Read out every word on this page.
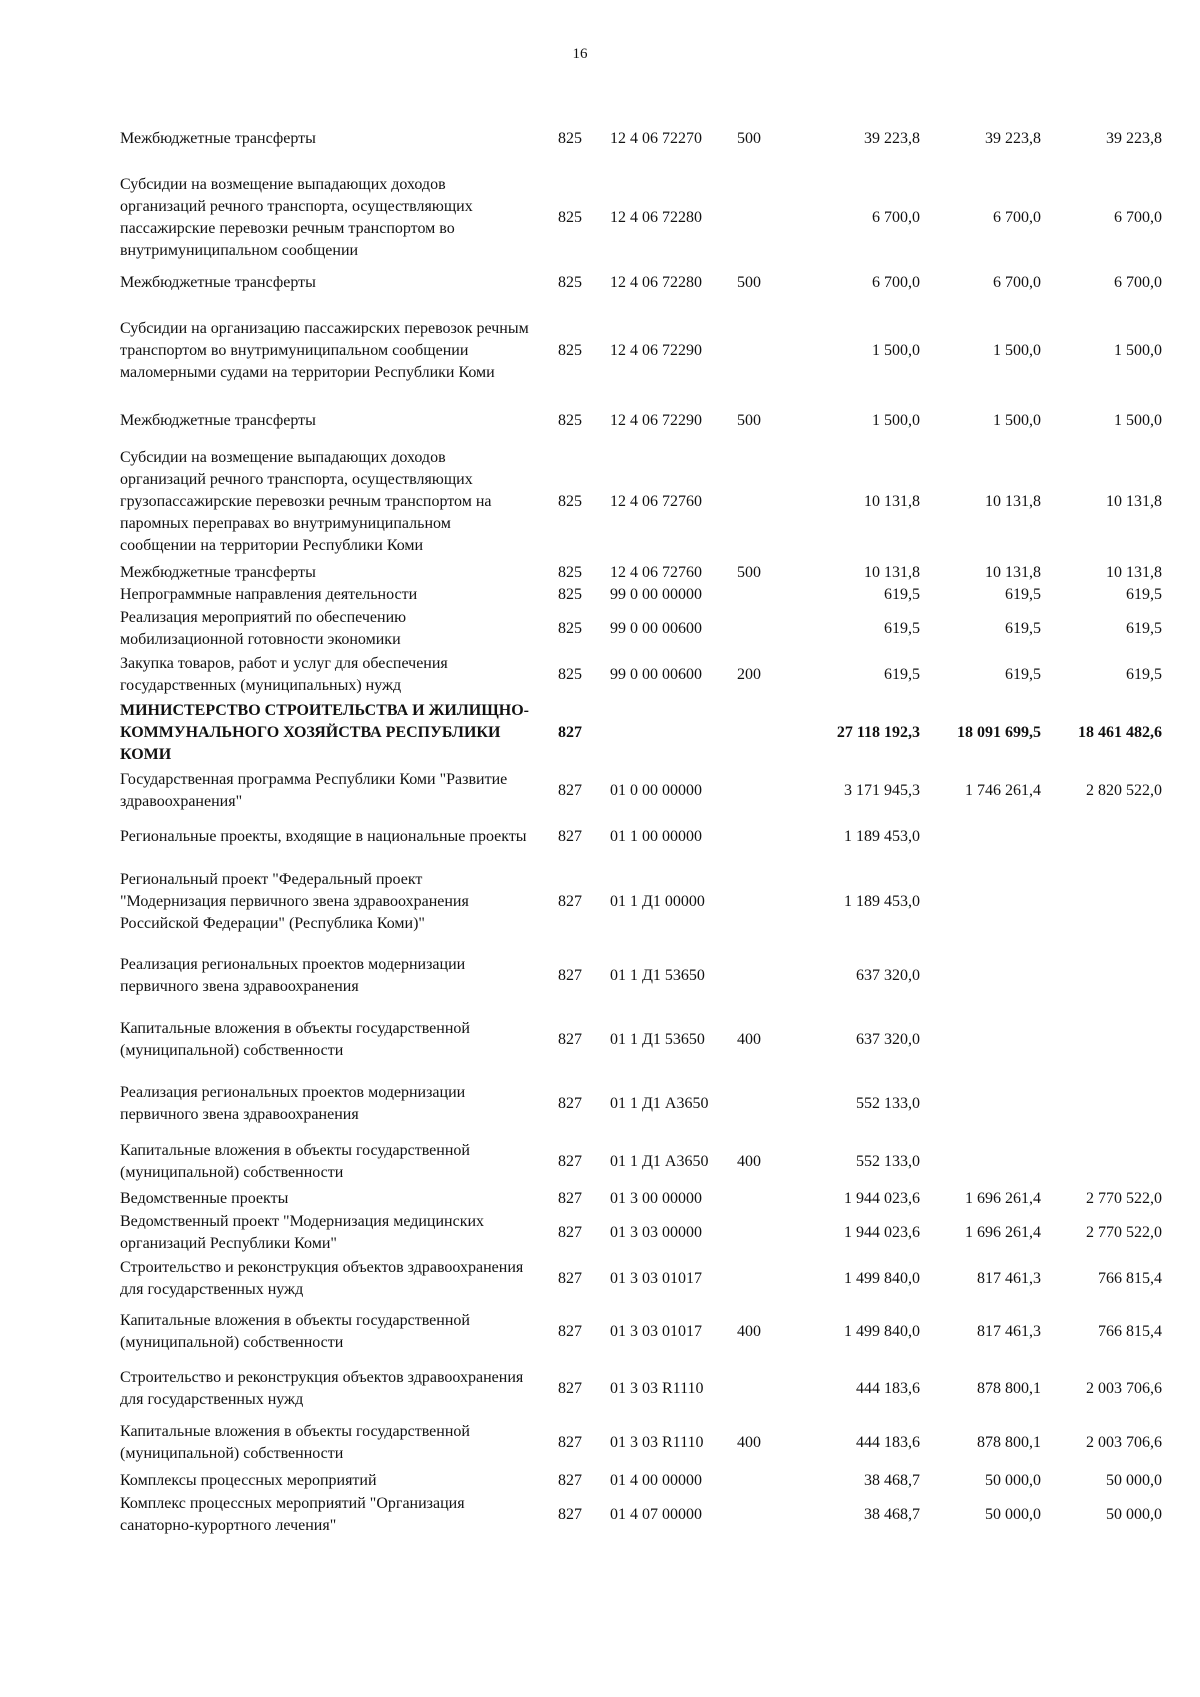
16
Межбюджетные трансферты	825	12 4 06 72270	500	39 223,8	39 223,8	39 223,8
Субсидии на возмещение выпадающих доходов организаций речного транспорта, осуществляющих пассажирские перевозки речным транспортом во внутримуниципальном сообщении	825	12 4 06 72280		6 700,0	6 700,0	6 700,0
Межбюджетные трансферты	825	12 4 06 72280	500	6 700,0	6 700,0	6 700,0
Субсидии на организацию пассажирских перевозок речным транспортом во внутримуниципальном сообщении маломерными судами на территории Республики Коми	825	12 4 06 72290		1 500,0	1 500,0	1 500,0
Межбюджетные трансферты	825	12 4 06 72290	500	1 500,0	1 500,0	1 500,0
Субсидии на возмещение выпадающих доходов организаций речного транспорта, осуществляющих грузопассажирские перевозки речным транспортом на паромных переправах во внутримуниципальном сообщении на территории Республики Коми	825	12 4 06 72760		10 131,8	10 131,8	10 131,8
Межбюджетные трансферты	825	12 4 06 72760	500	10 131,8	10 131,8	10 131,8
Непрограммные направления деятельности	825	99 0 00 00000		619,5	619,5	619,5
Реализация мероприятий по обеспечению мобилизационной готовности экономики	825	99 0 00 00600		619,5	619,5	619,5
Закупка товаров, работ и услуг для обеспечения государственных (муниципальных) нужд	825	99 0 00 00600	200	619,5	619,5	619,5
МИНИСТЕРСТВО СТРОИТЕЛЬСТВА И ЖИЛИЩНО-КОММУНАЛЬНОГО ХОЗЯЙСТВА РЕСПУБЛИКИ КОМИ	827			27 118 192,3	18 091 699,5	18 461 482,6
Государственная программа Республики Коми "Развитие здравоохранения"	827	01 0 00 00000		3 171 945,3	1 746 261,4	2 820 522,0
Региональные проекты, входящие в национальные проекты	827	01 1 00 00000		1 189 453,0		
Региональный проект "Федеральный проект "Модернизация первичного звена здравоохранения Российской Федерации" (Республика Коми)"	827	01 1 Д1 00000		1 189 453,0		
Реализация региональных проектов модернизации первичного звена здравоохранения	827	01 1 Д1 53650		637 320,0		
Капитальные вложения в объекты государственной (муниципальной) собственности	827	01 1 Д1 53650	400	637 320,0		
Реализация региональных проектов модернизации первичного звена здравоохранения	827	01 1 Д1 А3650		552 133,0		
Капитальные вложения в объекты государственной (муниципальной) собственности	827	01 1 Д1 А3650	400	552 133,0		
Ведомственные проекты	827	01 3 00 00000		1 944 023,6	1 696 261,4	2 770 522,0
Ведомственный проект "Модернизация медицинских организаций Республики Коми"	827	01 3 03 00000		1 944 023,6	1 696 261,4	2 770 522,0
Строительство и реконструкция объектов здравоохранения для государственных нужд	827	01 3 03 01017		1 499 840,0	817 461,3	766 815,4
Капитальные вложения в объекты государственной (муниципальной) собственности	827	01 3 03 01017	400	1 499 840,0	817 461,3	766 815,4
Строительство и реконструкция объектов здравоохранения для государственных нужд	827	01 3 03 R1110		444 183,6	878 800,1	2 003 706,6
Капитальные вложения в объекты государственной (муниципальной) собственности	827	01 3 03 R1110	400	444 183,6	878 800,1	2 003 706,6
Комплексы процессных мероприятий	827	01 4 00 00000		38 468,7	50 000,0	50 000,0
Комплекс процессных мероприятий "Организация санаторно-курортного лечения"	827	01 4 07 00000		38 468,7	50 000,0	50 000,0
